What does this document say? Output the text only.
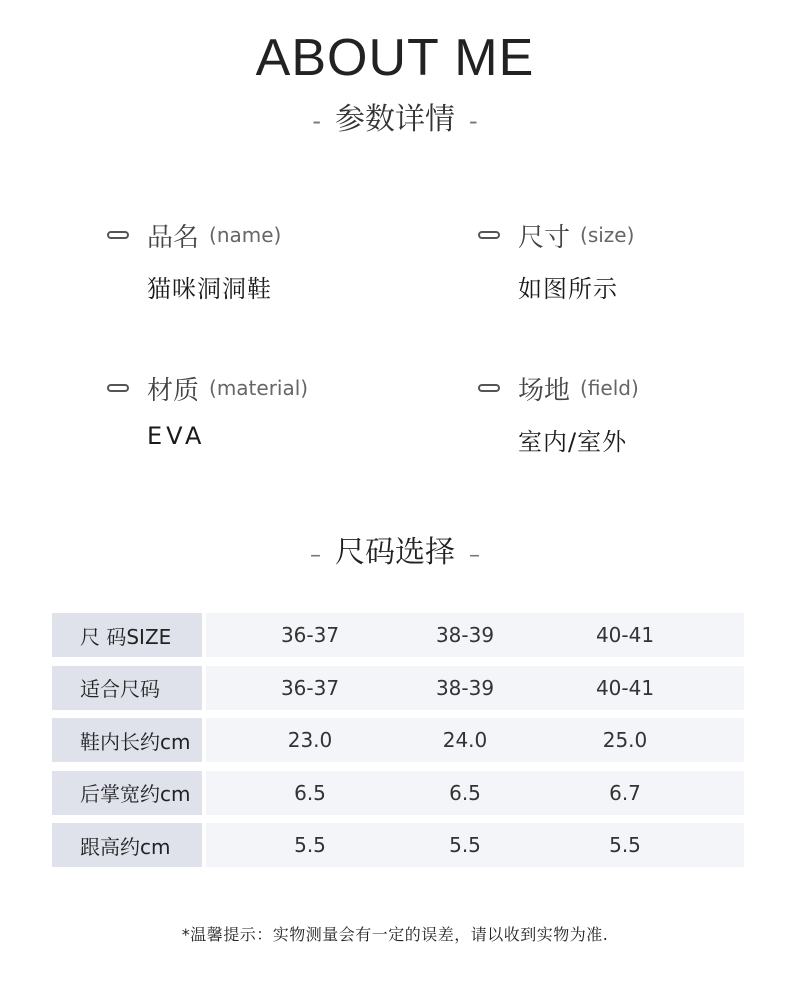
ABOUT ME
- 参数详情 -
品名 (name)
猫咪洞洞鞋
尺寸 (size)
如图所示
材质 (material)
EVA
场地 (field)
室内/室外
– 尺码选择 –
尺 码SIZE	36-37	38-39	40-41
适合尺码	36-37	38-39	40-41
鞋内长约cm	23.0	24.0	25.0
后掌宽约cm	6.5	6.5	6.7
跟高约cm	5.5	5.5	5.5
*温馨提示：实物测量会有一定的误差，请以收到实物为准.
